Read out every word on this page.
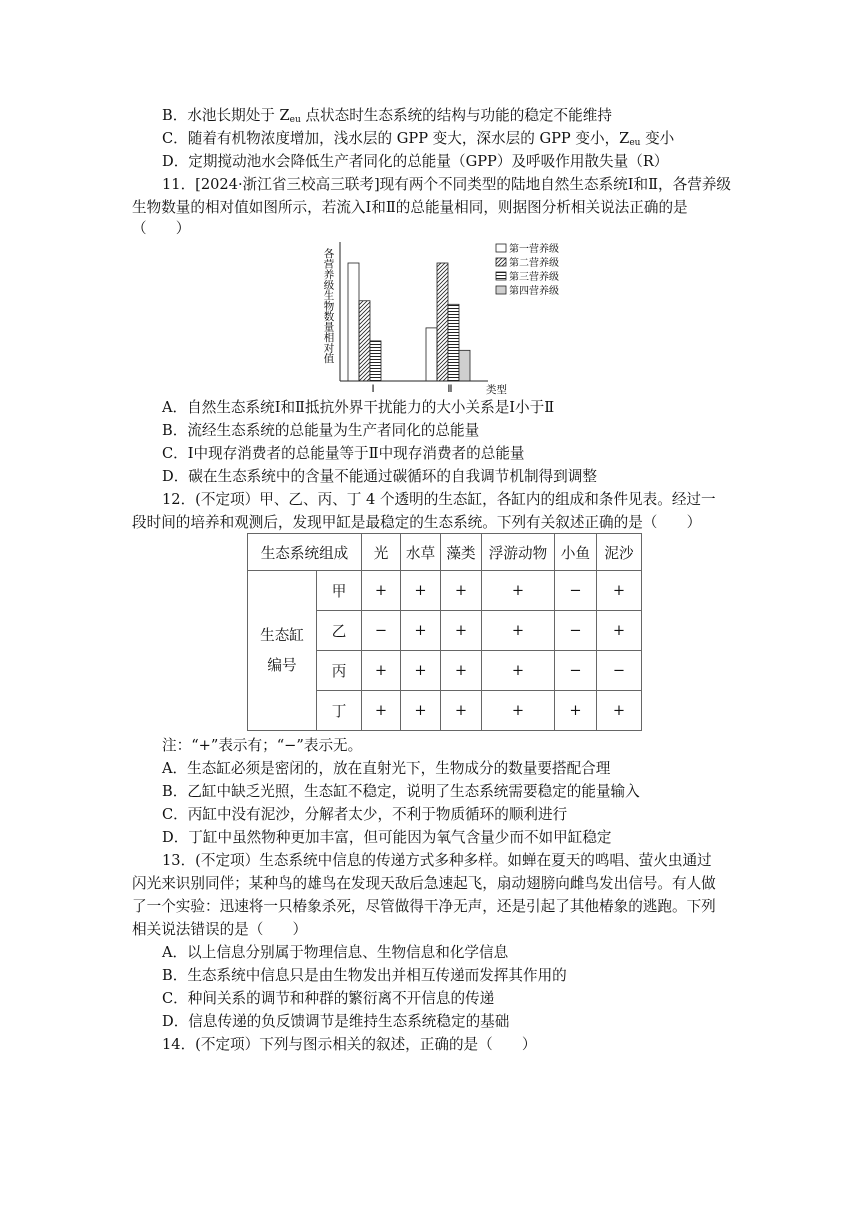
B．水池长期处于 $Z_{eu}$ 点状态时生态系统的结构与功能的稳定不能维持
C．随着有机物浓度增加，浅水层的 GPP 变大，深水层的 GPP 变小，$Z_{eu}$ 变小
D．定期搅动池水会降低生产者同化的总能量（GPP）及呼吸作用散失量（R）
11．[2024·浙江省三校高三联考]现有两个不同类型的陆地自然生态系统Ⅰ和Ⅱ，各营养级
生物数量的相对值如图所示，若流入Ⅰ和Ⅱ的总能量相同，则据图分析相关说法正确的是
（　　）
各营养级生物数量相对值
Ⅰ	Ⅱ	类型
第一营养级
第二营养级
第三营养级
第四营养级
A．自然生态系统Ⅰ和Ⅱ抵抗外界干扰能力的大小关系是Ⅰ小于Ⅱ
B．流经生态系统的总能量为生产者同化的总能量
C．Ⅰ中现存消费者的总能量等于Ⅱ中现存消费者的总能量
D．碳在生态系统中的含量不能通过碳循环的自我调节机制得到调整
12．(不定项）甲、乙、丙、丁 4 个透明的生态缸，各缸内的组成和条件见表。经过一
段时间的培养和观测后，发现甲缸是最稳定的生态系统。下列有关叙述正确的是（　　）
生态系统组成		光	水草	藻类	浮游动物	小鱼	泥沙
生态缸
编号	甲	+	+	+	+	−	+
	乙	−	+	+	+	−	+
	丙	+	+	+	+	−	−
	丁	+	+	+	+	+	+
注：“+”表示有；“−”表示无。
A．生态缸必须是密闭的，放在直射光下，生物成分的数量要搭配合理
B．乙缸中缺乏光照，生态缸不稳定，说明了生态系统需要稳定的能量输入
C．丙缸中没有泥沙，分解者太少，不利于物质循环的顺利进行
D．丁缸中虽然物种更加丰富，但可能因为氧气含量少而不如甲缸稳定
13．(不定项）生态系统中信息的传递方式多种多样。如蝉在夏天的鸣唱、萤火虫通过
闪光来识别同伴；某种鸟的雄鸟在发现天敌后急速起飞，扇动翅膀向雌鸟发出信号。有人做
了一个实验：迅速将一只椿象杀死，尽管做得干净无声，还是引起了其他椿象的逃跑。下列
相关说法错误的是（　　）
A．以上信息分别属于物理信息、生物信息和化学信息
B．生态系统中信息只是由生物发出并相互传递而发挥其作用的
C．种间关系的调节和种群的繁衍离不开信息的传递
D．信息传递的负反馈调节是维持生态系统稳定的基础
14．(不定项）下列与图示相关的叙述，正确的是（　　）
